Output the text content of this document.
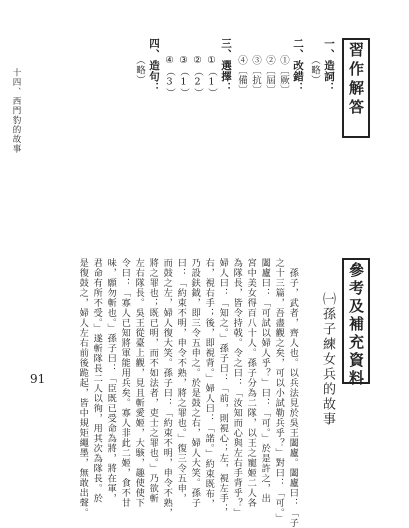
十四、西門豹的故事
91
習作解答
一、造詞：
（略）
二、改錯：
①〔厥〕
②〔屆〕
③〔抗〕
④〔備〕
三、選擇：
①（1）
②（2）
③（1）
④（3）
四、造句：
（略）
參考及補充資料
㈠孫子練女兵的故事
孫子，武者，齊人也。以兵法見於吳王闔廬。闔廬曰：「子
之十三篇，吾盡觀之矣，可以小試勒兵乎？」對曰：「可。」
闔廬曰：「可試以婦人乎？」曰：「可。」於是許之，出
宮中美女得百八十人。孫子分為二隊，以王之寵姬二人各
為隊長，皆令持戟。令之曰：「汝知而心與左右手背乎？」
婦人曰：「知之。」孫子曰：「前，則視心；左，視左手；
右，視右手；後，即視背。」婦人曰：「諾。」約束既布，
乃設鈇鉞，即三令五申之。於是鼓之右，婦人大笑。孫子
曰：「約束不明，申令不熟，將之罪也。」復三令五申，
而鼓之左，婦人復大笑。孫子曰：「約束不明，申令不熟，
將之罪也；既已明，而不如法者，吏士之罪也。」乃欲斬
左右隊長。吳王從臺上觀，見且斬愛姬，大駭，趣使使下
令曰：「寡人已知將軍能用兵矣。寡人非此二姬，食不甘
味，願勿斬也。」孫子曰：「臣既已受命為將，將在軍，
君命有所不受。」遂斬隊長二人以徇，用其次為隊長。於
是復鼓之，婦人左右前後跪起，皆中規矩繩墨，無敢出聲。
